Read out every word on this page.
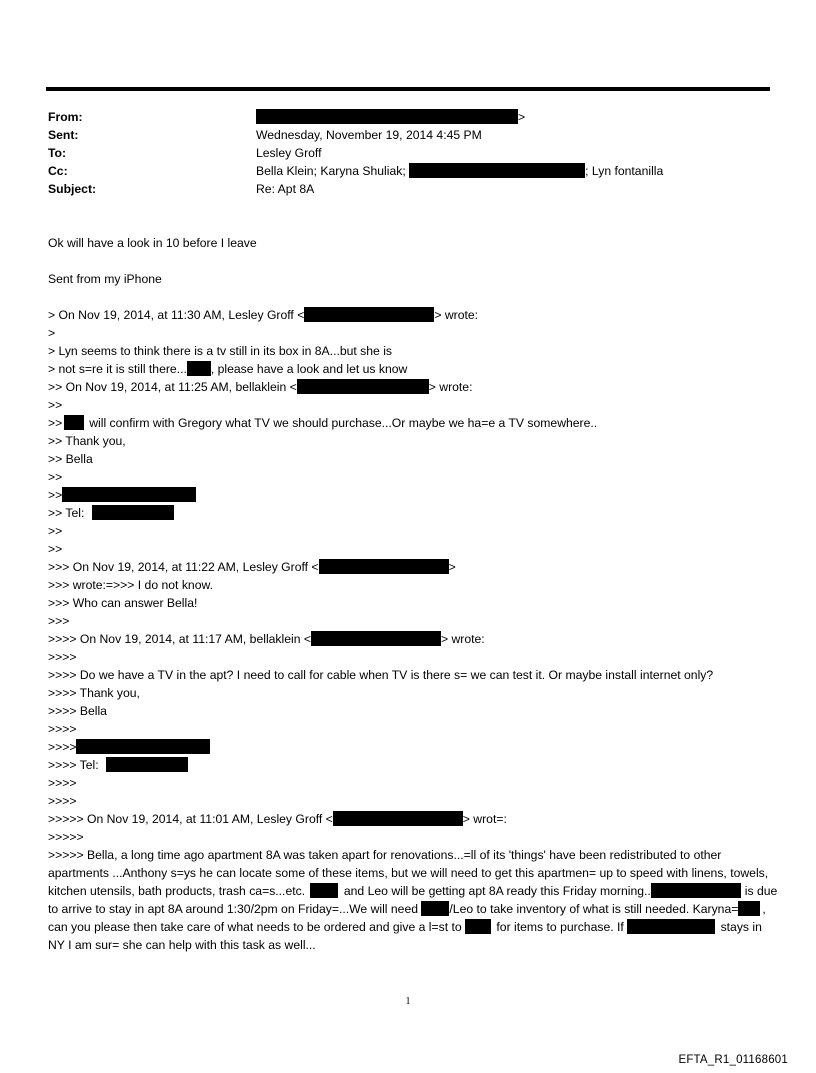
From:	>
Sent:	Wednesday, November 19, 2014 4:45 PM
To:	Lesley Groff
Cc:	Bella Klein; Karyna Shuliak;	; Lyn fontanilla
Subject:	Re: Apt 8A
Ok will have a look in 10 before I leave
Sent from my iPhone
> On Nov 19, 2014, at 11:30 AM, Lesley Groff <	> wrote:
>
> Lyn seems to think there is a tv still in its box in 8A...but she is
> not s=re it is still there... , please have a look and let us know
>> On Nov 19, 2014, at 11:25 AM, bellaklein <	> wrote:
>>
>> will confirm with Gregory what TV we should purchase...Or maybe we ha=e a TV somewhere..
>> Thank you,
>> Bella
>>
>>
>> Tel:
>>
>>
>>> On Nov 19, 2014, at 11:22 AM, Lesley Groff <	>
>>> wrote:=>>> I do not know.
>>> Who can answer Bella!
>>>
>>>> On Nov 19, 2014, at 11:17 AM, bellaklein <	> wrote:
>>>>
>>>> Do we have a TV in the apt? I need to call for cable when TV is there s= we can test it. Or maybe install internet only?
>>>> Thank you,
>>>> Bella
>>>>
>>>>
>>>> Tel:
>>>>
>>>>
>>>>> On Nov 19, 2014, at 11:01 AM, Lesley Groff <	> wrot=:
>>>>>
>>>>> Bella, a long time ago apartment 8A was taken apart for renovations...=ll of its 'things' have been redistributed to other apartments ...Anthony s=ys he can locate some of these items, but we will need to get this apartmen= up to speed with linens, towels, kitchen utensils, bath products, trash ca=s...etc.	and Leo will be getting apt 8A ready this Friday morning..	is due to arrive to stay in apt 8A around 1:30/2pm on Friday=...We will need	/Leo to take inventory of what is still needed. Karyna= , can you please then take care of what needs to be ordered and give a l=st to	for items to purchase. If	stays in NY I am sur= she can help with this task as well...
1
EFTA_R1_01168601
